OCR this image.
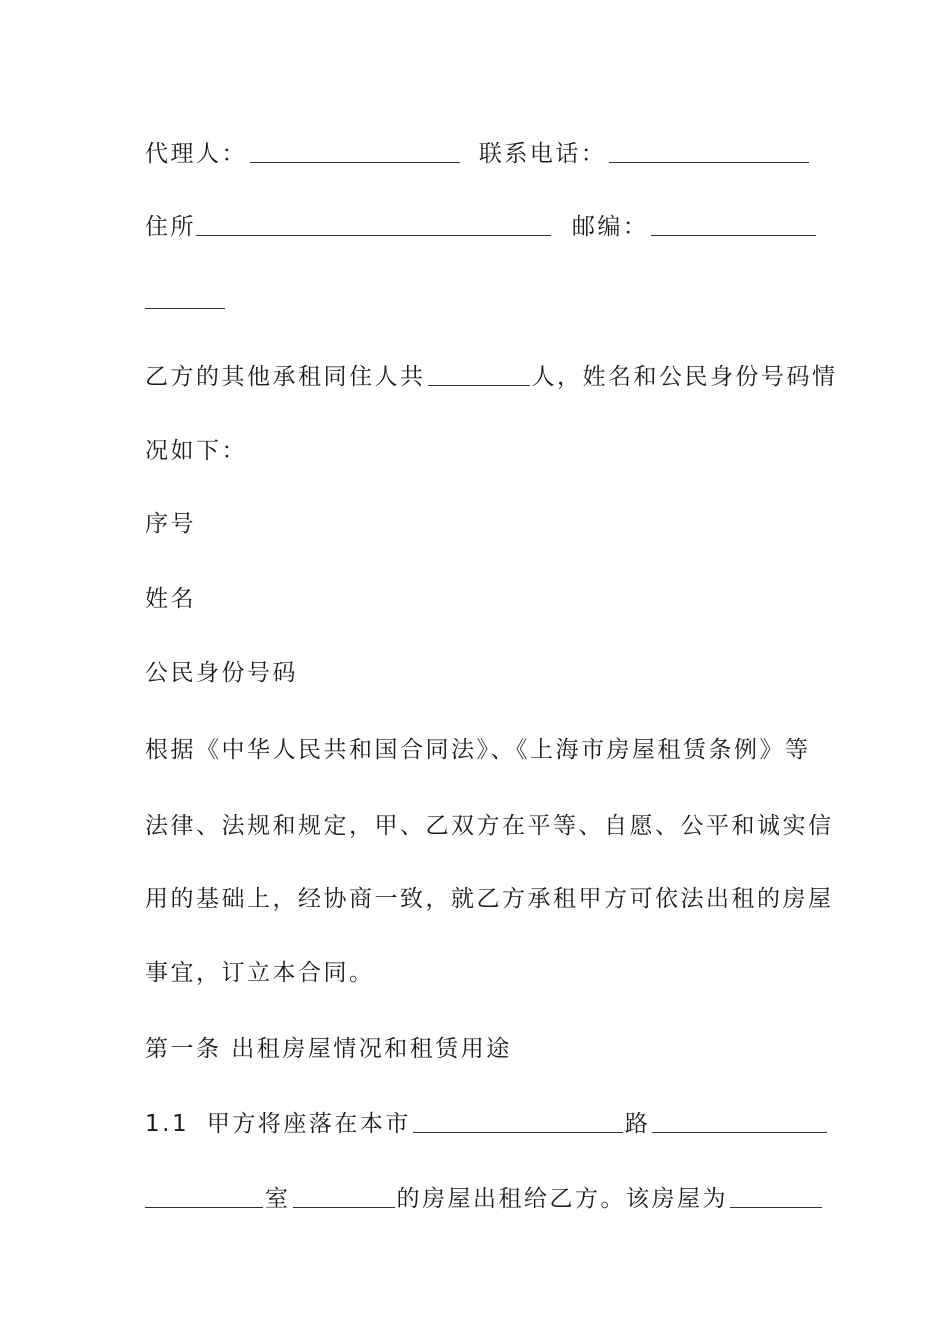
代理人：	联系电话：
住所	邮编：
乙方的其他承租同住人共	人，姓名和公民身份号码情
况如下：
序号
姓名
公民身份号码
根据《中华人民共和国合同法》、《上海市房屋租赁条例》等
法律、法规和规定，甲、乙双方在平等、自愿、公平和诚实信
用的基础上，经协商一致，就乙方承租甲方可依法出租的房屋
事宜，订立本合同。
第一条 出租房屋情况和租赁用途
1.1 甲方将座落在本市	路
室	的房屋出租给乙方。该房屋为
